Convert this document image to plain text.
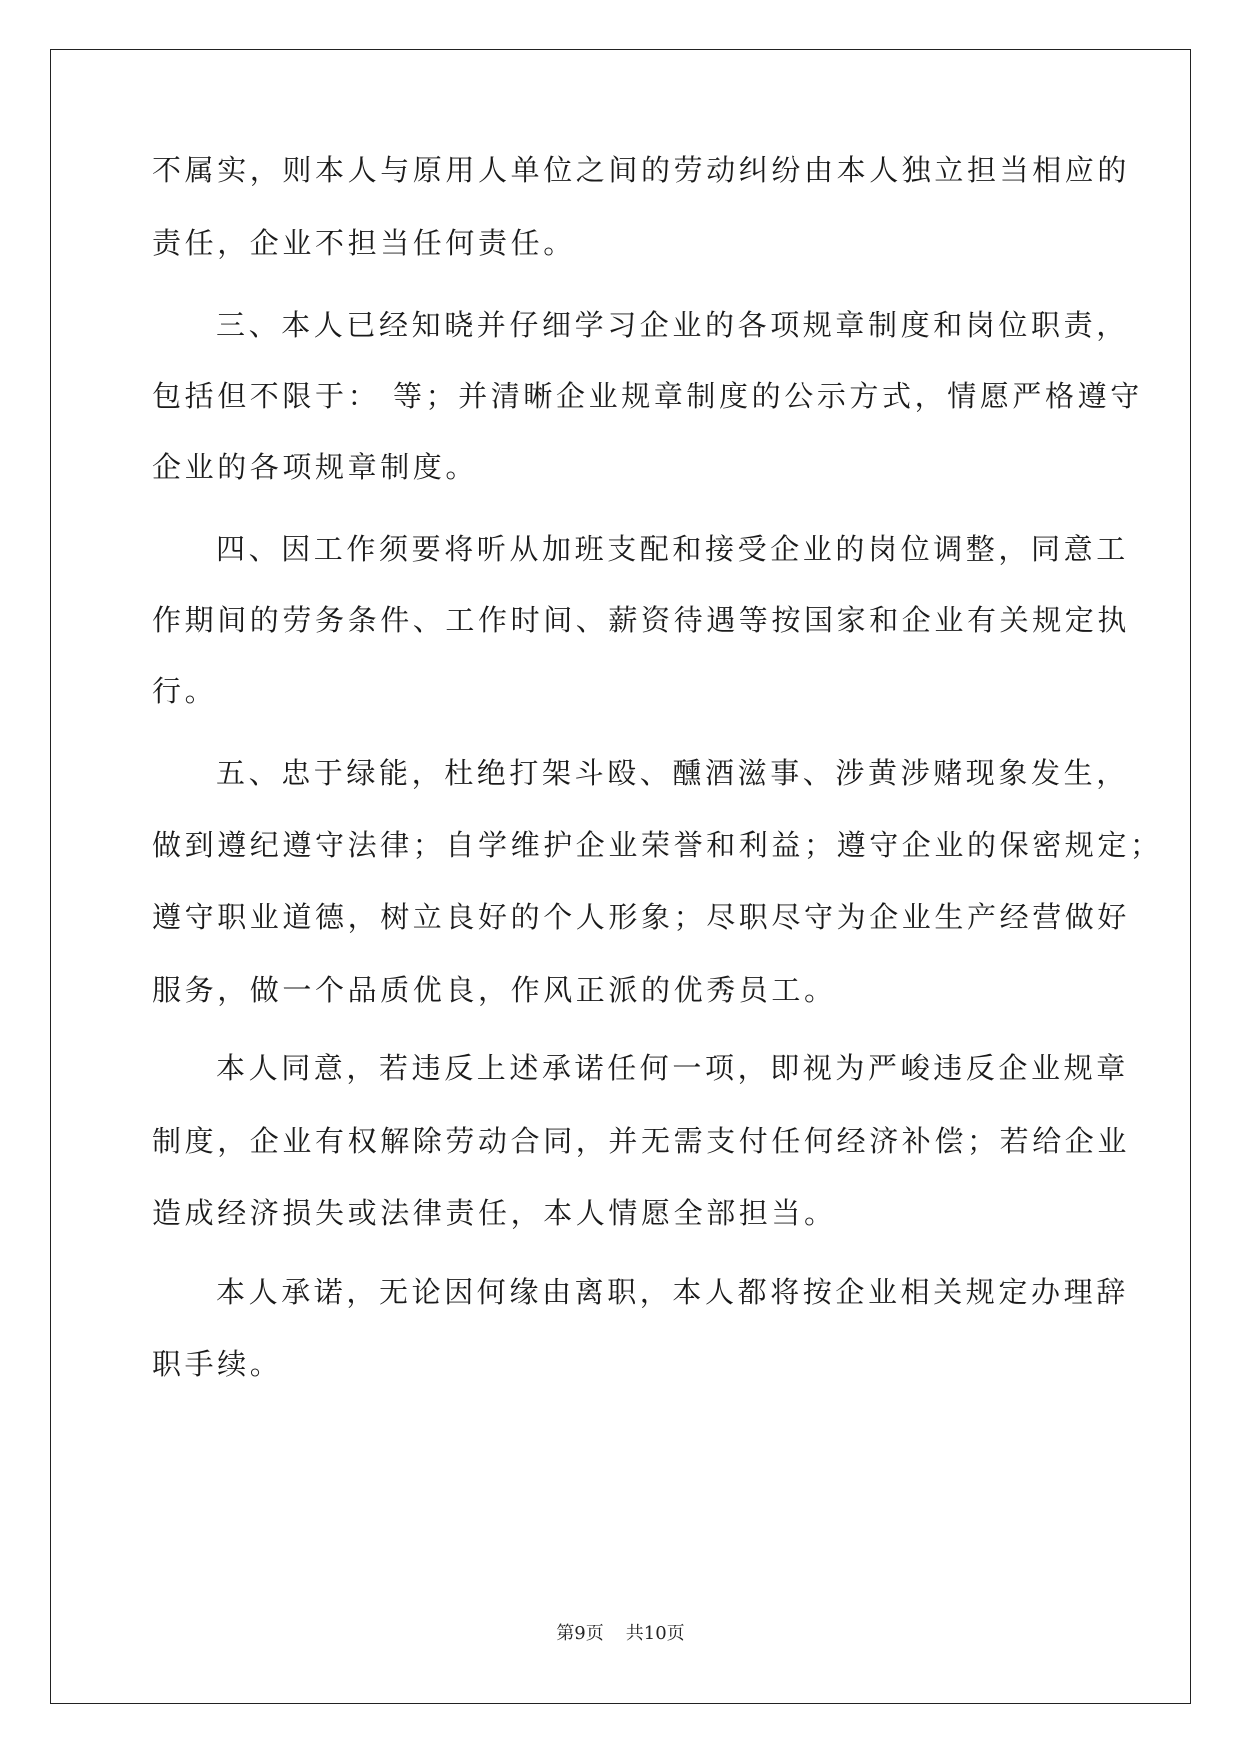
不属实，则本人与原用人单位之间的劳动纠纷由本人独立担当相应的
责任，企业不担当任何责任。
三、本人已经知晓并仔细学习企业的各项规章制度和岗位职责，
包括但不限于： 等；并清晰企业规章制度的公示方式，情愿严格遵守
企业的各项规章制度。
四、因工作须要将听从加班支配和接受企业的岗位调整，同意工
作期间的劳务条件、工作时间、薪资待遇等按国家和企业有关规定执
行。
五、忠于绿能，杜绝打架斗殴、醺酒滋事、涉黄涉赌现象发生，
做到遵纪遵守法律；自学维护企业荣誉和利益；遵守企业的保密规定；
遵守职业道德，树立良好的个人形象；尽职尽守为企业生产经营做好
服务，做一个品质优良，作风正派的优秀员工。
本人同意，若违反上述承诺任何一项，即视为严峻违反企业规章
制度，企业有权解除劳动合同，并无需支付任何经济补偿；若给企业
造成经济损失或法律责任，本人情愿全部担当。
本人承诺，无论因何缘由离职，本人都将按企业相关规定办理辞
职手续。
第9页 共10页
